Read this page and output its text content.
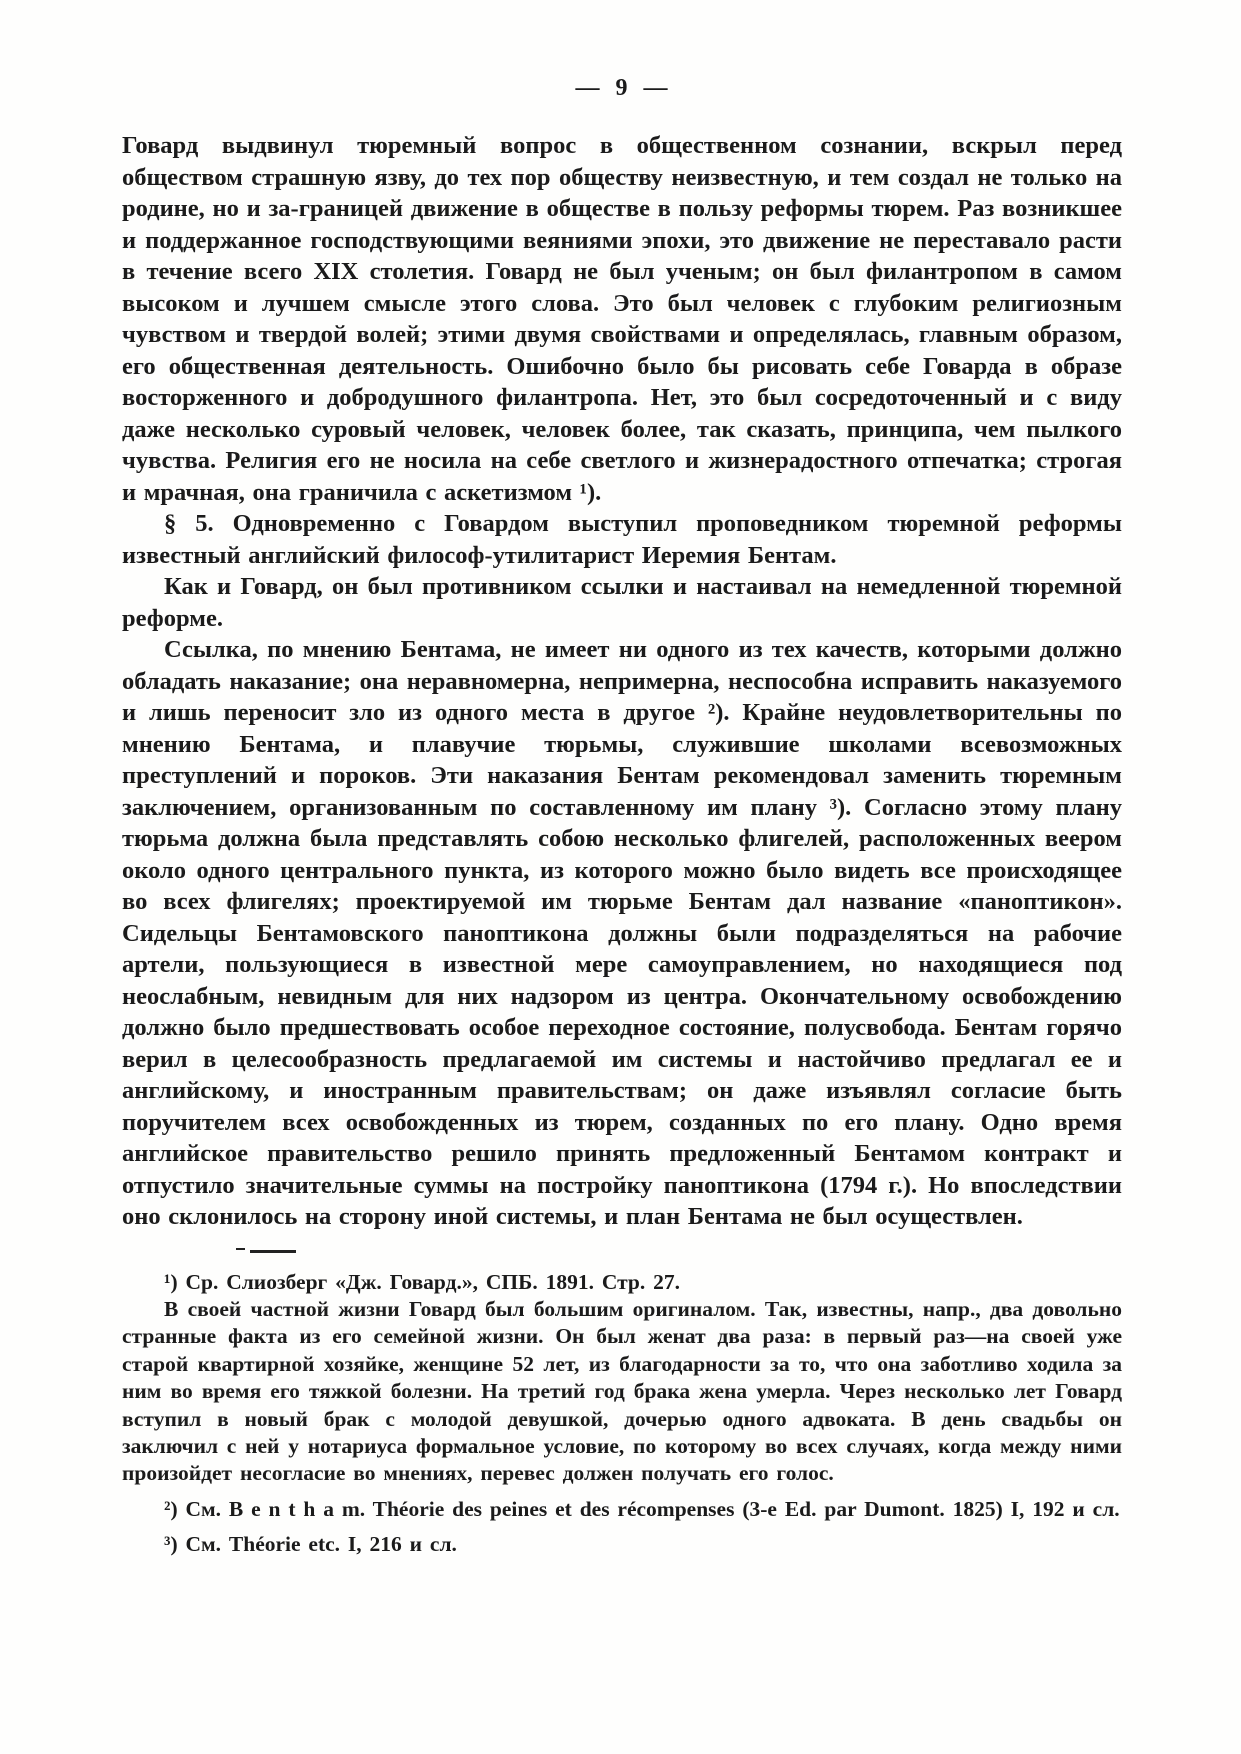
— 9 —

Говард выдвинул тюремный вопрос в общественном сознании, вскрыл перед обществом страшную язву, до тех пор обществу неизвестную, и тем создал не только на родине, но и за-границей движение в обществе в пользу реформы тюрем. Раз возникшее и поддержанное господствующими веяниями эпохи, это движение не переставало расти в течение всего XIX столетия. Говард не был ученым; он был филантропом в самом высоком и лучшем смысле этого слова. Это был человек с глубоким религиозным чувством и твердой волей; этими двумя свойствами и определялась, главным образом, его общественная деятельность. Ошибочно было бы рисовать себе Говарда в образе восторженного и добродушного филантропа. Нет, это был сосредоточенный и с виду даже несколько суровый человек, человек более, так сказать, принципа, чем пылкого чувства. Религия его не носила на себе светлого и жизнерадостного отпечатка; строгая и мрачная, она граничила с аскетизмом ¹).

§ 5. Одновременно с Говардом выступил проповедником тюремной реформы известный английский философ-утилитарист Иеремия Бентам.

Как и Говард, он был противником ссылки и настаивал на немедленной тюремной реформе.

Ссылка, по мнению Бентама, не имеет ни одного из тех качеств, которыми должно обладать наказание; она неравномерна, непримерна, неспособна исправить наказуемого и лишь переносит зло из одного места в другое ²). Крайне неудовлетворительны по мнению Бентама, и плавучие тюрьмы, служившие школами всевозможных преступлений и пороков. Эти наказания Бентам рекомендовал заменить тюремным заключением, организованным по составленному им плану ³). Согласно этому плану тюрьма должна была представлять собою несколько флигелей, расположенных веером около одного центрального пункта, из которого можно было видеть все происходящее во всех флигелях; проектируемой им тюрьме Бентам дал название «паноптикон». Сидельцы Бентамовского паноптикона должны были подразделяться на рабочие артели, пользующиеся в известной мере самоуправлением, но находящиеся под неослабным, невидным для них надзором из центра. Окончательному освобождению должно было предшествовать особое переходное состояние, полусвобода. Бентам горячо верил в целесообразность предлагаемой им системы и настойчиво предлагал ее и английскому, и иностранным правительствам; он даже изъявлял согласие быть поручителем всех освобожденных из тюрем, созданных по его плану. Одно время английское правительство решило принять предложенный Бентамом контракт и отпустило значительные суммы на постройку паноптикона (1794 г.). Но впоследствии оно склонилось на сторону иной системы, и план Бентама не был осуществлен.

¹) Ср. Слиозберг «Дж. Говард.», СПБ. 1891. Стр. 27.

В своей частной жизни Говард был большим оригиналом. Так, известны, напр., два довольно странные факта из его семейной жизни. Он был женат два раза: в первый раз—на своей уже старой квартирной хозяйке, женщине 52 лет, из благодарности за то, что она заботливо ходила за ним во время его тяжкой болезни. На третий год брака жена умерла. Через несколько лет Говард вступил в новый брак с молодой девушкой, дочерью одного адвоката. В день свадьбы он заключил с ней у нотариуса формальное условие, по которому во всех случаях, когда между ними произойдет несогласие во мнениях, перевес должен получать его голос.

²) См. B e n t h a m. Théorie des peines et des récompenses (3-е Ed. par Dumont. 1825) I, 192 и сл.

³) См. Théorie etc. I, 216 и сл.
